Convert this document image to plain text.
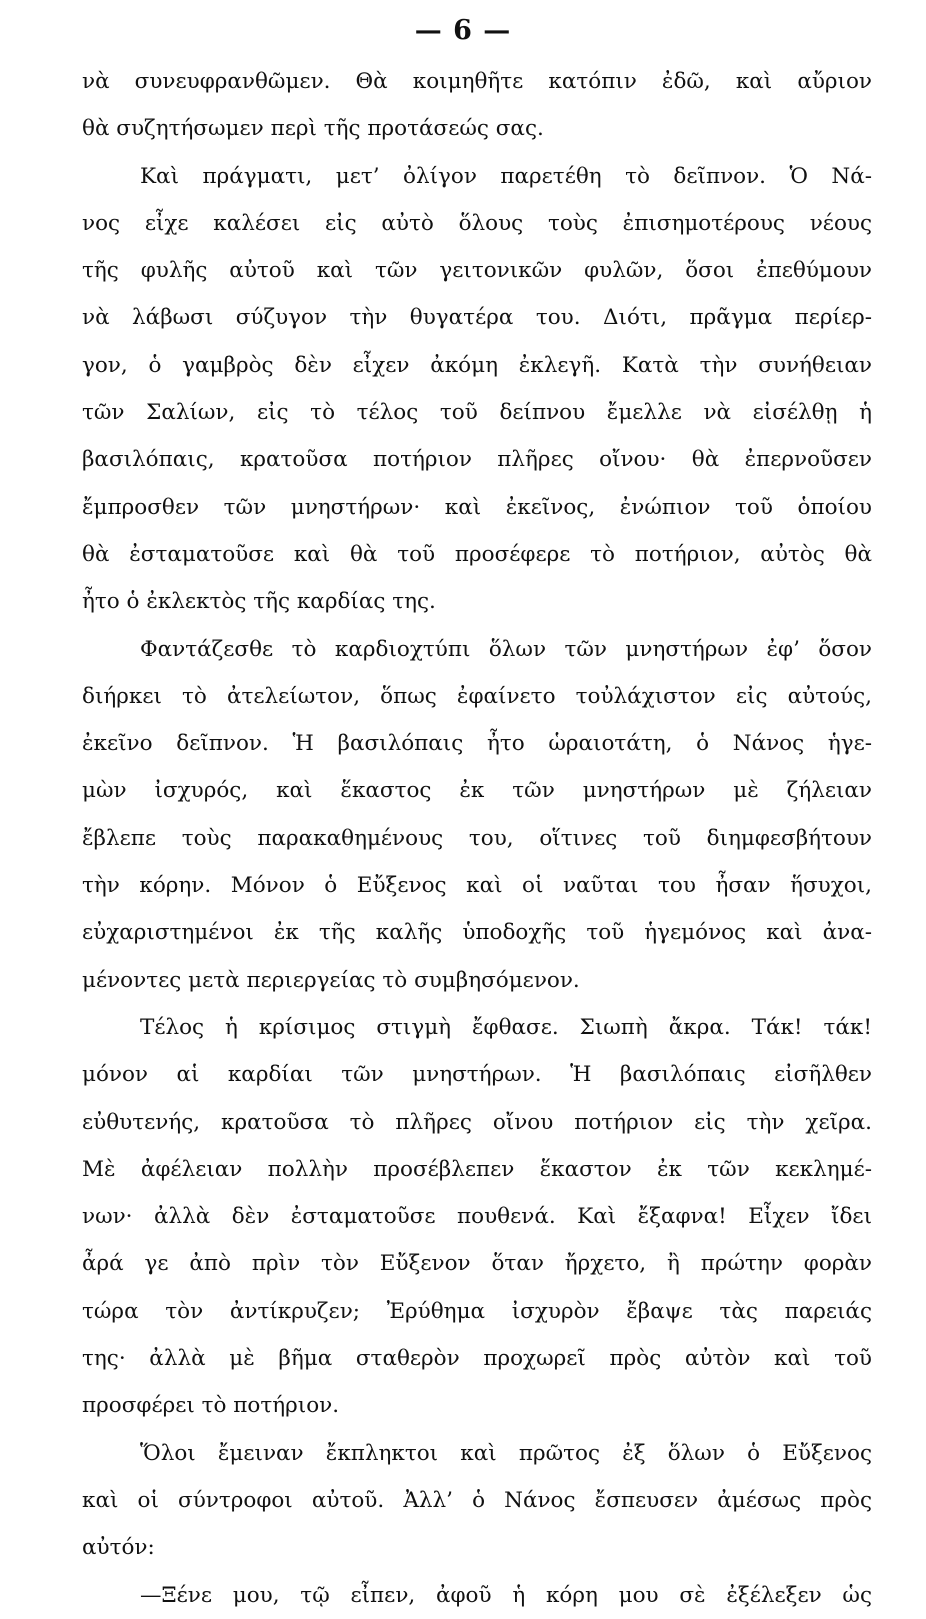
— 6 —
νὰ συνευφρανθῶμεν. Θὰ κοιμηθῆτε κατόπιν ἐδῶ, καὶ αὔριον
θὰ συζητήσωμεν περὶ τῆς προτάσεώς σας.
Καὶ πράγματι, μετ’ ὀλίγον παρετέθη τὸ δεῖπνον. Ὁ Νά-
νος εἶχε καλέσει εἰς αὐτὸ ὅλους τοὺς ἐπισημοτέρους νέους
τῆς φυλῆς αὐτοῦ καὶ τῶν γειτονικῶν φυλῶν, ὅσοι ἐπεθύμουν
νὰ λάβωσι σύζυγον τὴν θυγατέρα του. Διότι, πρᾶγμα περίερ-
γον, ὁ γαμβρὸς δὲν εἶχεν ἀκόμη ἐκλεγῆ. Κατὰ τὴν συνήθειαν
τῶν Σαλίων, εἰς τὸ τέλος τοῦ δείπνου ἔμελλε νὰ εἰσέλθῃ ἡ
βασιλόπαις, κρατοῦσα ποτήριον πλῆρες οἴνου· θὰ ἐπερνοῦσεν
ἔμπροσθεν τῶν μνηστήρων· καὶ ἐκεῖνος, ἐνώπιον τοῦ ὁποίου
θὰ ἐσταματοῦσε καὶ θὰ τοῦ προσέφερε τὸ ποτήριον, αὐτὸς θὰ
ἦτο ὁ ἐκλεκτὸς τῆς καρδίας της.
Φαντάζεσθε τὸ καρδιοχτύπι ὅλων τῶν μνηστήρων ἐφ’ ὅσον
διήρκει τὸ ἀτελείωτον, ὅπως ἐφαίνετο τοὐλάχιστον εἰς αὐτούς,
ἐκεῖνο δεῖπνον. Ἡ βασιλόπαις ἦτο ὡραιοτάτη, ὁ Νάνος ἡγε-
μὼν ἰσχυρός, καὶ ἕκαστος ἐκ τῶν μνηστήρων μὲ ζήλειαν
ἔβλεπε τοὺς παρακαθημένους του, οἵτινες τοῦ διημφεσβήτουν
τὴν κόρην. Μόνον ὁ Εὔξενος καὶ οἱ ναῦται του ἦσαν ἥσυχοι,
εὐχαριστημένοι ἐκ τῆς καλῆς ὑποδοχῆς τοῦ ἡγεμόνος καὶ ἀνα-
μένοντες μετὰ περιεργείας τὸ συμβησόμενον.
Τέλος ἡ κρίσιμος στιγμὴ ἔφθασε. Σιωπὴ ἄκρα. Τάκ! τάκ!
μόνον αἱ καρδίαι τῶν μνηστήρων. Ἡ βασιλόπαις εἰσῆλθεν
εὐθυτενής, κρατοῦσα τὸ πλῆρες οἴνου ποτήριον εἰς τὴν χεῖρα.
Μὲ ἀφέλειαν πολλὴν προσέβλεπεν ἕκαστον ἐκ τῶν κεκλημέ-
νων· ἀλλὰ δὲν ἐσταματοῦσε πουθενά. Καὶ ἔξαφνα! Εἶχεν ἴδει
ἆρά γε ἀπὸ πρὶν τὸν Εὔξενον ὅταν ἤρχετο, ἢ πρώτην φορὰν
τώρα τὸν ἀντίκρυζεν; Ἐρύθημα ἰσχυρὸν ἔβαψε τὰς παρειάς
της· ἀλλὰ μὲ βῆμα σταθερὸν προχωρεῖ πρὸς αὐτὸν καὶ τοῦ
προσφέρει τὸ ποτήριον.
Ὅλοι ἔμειναν ἔκπληκτοι καὶ πρῶτος ἐξ ὅλων ὁ Εὔξενος
καὶ οἱ σύντροφοι αὐτοῦ. Ἀλλ’ ὁ Νάνος ἔσπευσεν ἀμέσως πρὸς
αὐτόν:
—Ξένε μου, τῷ εἶπεν, ἀφοῦ ἡ κόρη μου σὲ ἐξέλεξεν ὡς
